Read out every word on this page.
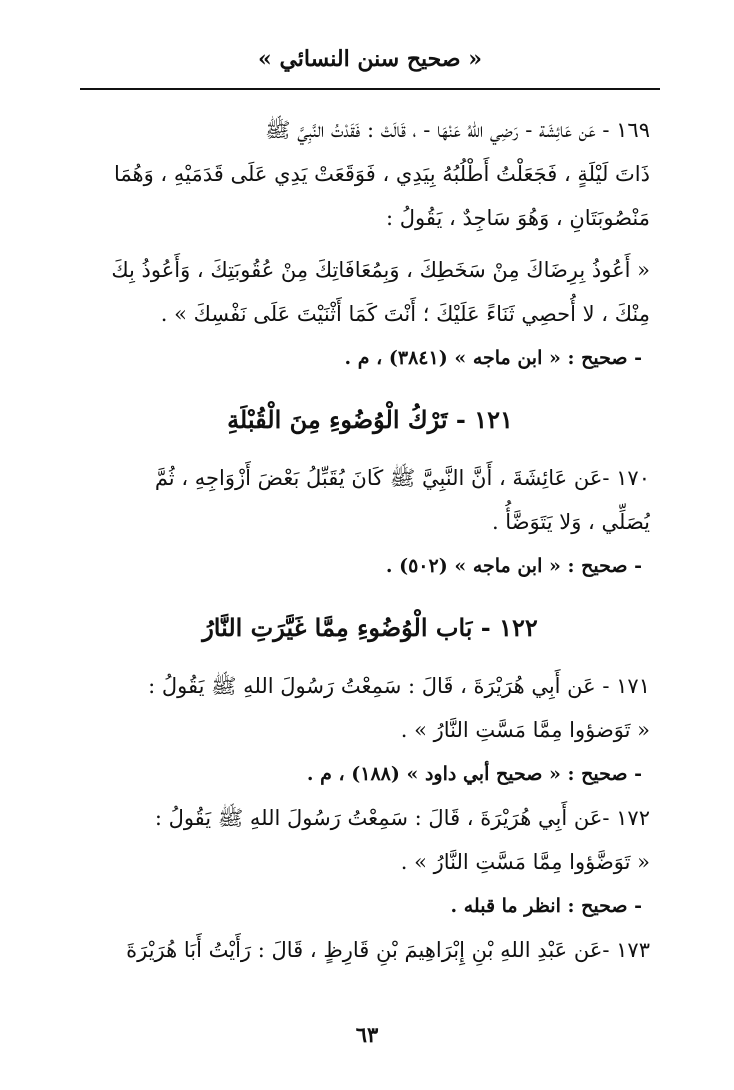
« صحيح سنن النسائي »
١٦٩ - عَن عَائِشَة - رَضِي اللهُ عَنْهَا - ، قَالَتْ : فَقَدْتُ النَّبِيَّ ﷺ
ذَاتَ لَيْلَةٍ ، فَجَعَلْتُ أَطْلُبُهُ بِيَدِي ، فَوَقَعَتْ يَدِي عَلَى قَدَمَيْهِ ، وَهُمَا
مَنْصُوبَتَانِ ، وَهُوَ سَاجِدٌ ، يَقُولُ :
« أَعُوذُ بِرِضَاكَ مِنْ سَخَطِكَ ، وَبِمُعَافَاتِكَ مِنْ عُقُوبَتِكَ ، وَأَعُوذُ بِكَ
مِنْكَ ، لا أُحصِي ثَنَاءً عَلَيْكَ ؛ أَنْتَ كَمَا أَثْنَيْتَ عَلَى نَفْسِكَ » .
- صحيح : « ابن ماجه » (٣٨٤١) ، م .
١٢١ - تَرْكُ الْوُضُوءِ مِنَ الْقُبْلَةِ
١٧٠ -عَن عَائِشَةَ ، أَنَّ النَّبِيَّ ﷺ كَانَ يُقَبِّلُ بَعْضَ أَزْوَاجِهِ ، ثُمَّ
يُصَلِّي ، وَلا يَتَوَضَّأُ .
- صحيح : « ابن ماجه » (٥٠٢) .
١٢٢ - بَاب الْوُضُوءِ مِمَّا غَيَّرَتِ النَّارُ
١٧١ - عَن أَبِي هُرَيْرَةَ ، قَالَ : سَمِعْتُ رَسُولَ اللهِ ﷺ يَقُولُ :
« تَوَضؤوا مِمَّا مَسَّتِ النَّارُ » .
- صحيح : « صحيح أبي داود » (١٨٨) ، م .
١٧٢ -عَن أَبِي هُرَيْرَةَ ، قَالَ : سَمِعْتُ رَسُولَ اللهِ ﷺ يَقُولُ :
« تَوَضَّؤوا مِمَّا مَسَّتِ النَّارُ » .
- صحيح : انظر ما قبله .
١٧٣ -عَن عَبْدِ اللهِ بْنِ إِبْرَاهِيمَ بْنِ قَارِظٍ ، قَالَ : رَأَيْتُ أَبَا هُرَيْرَةَ
٦٣
